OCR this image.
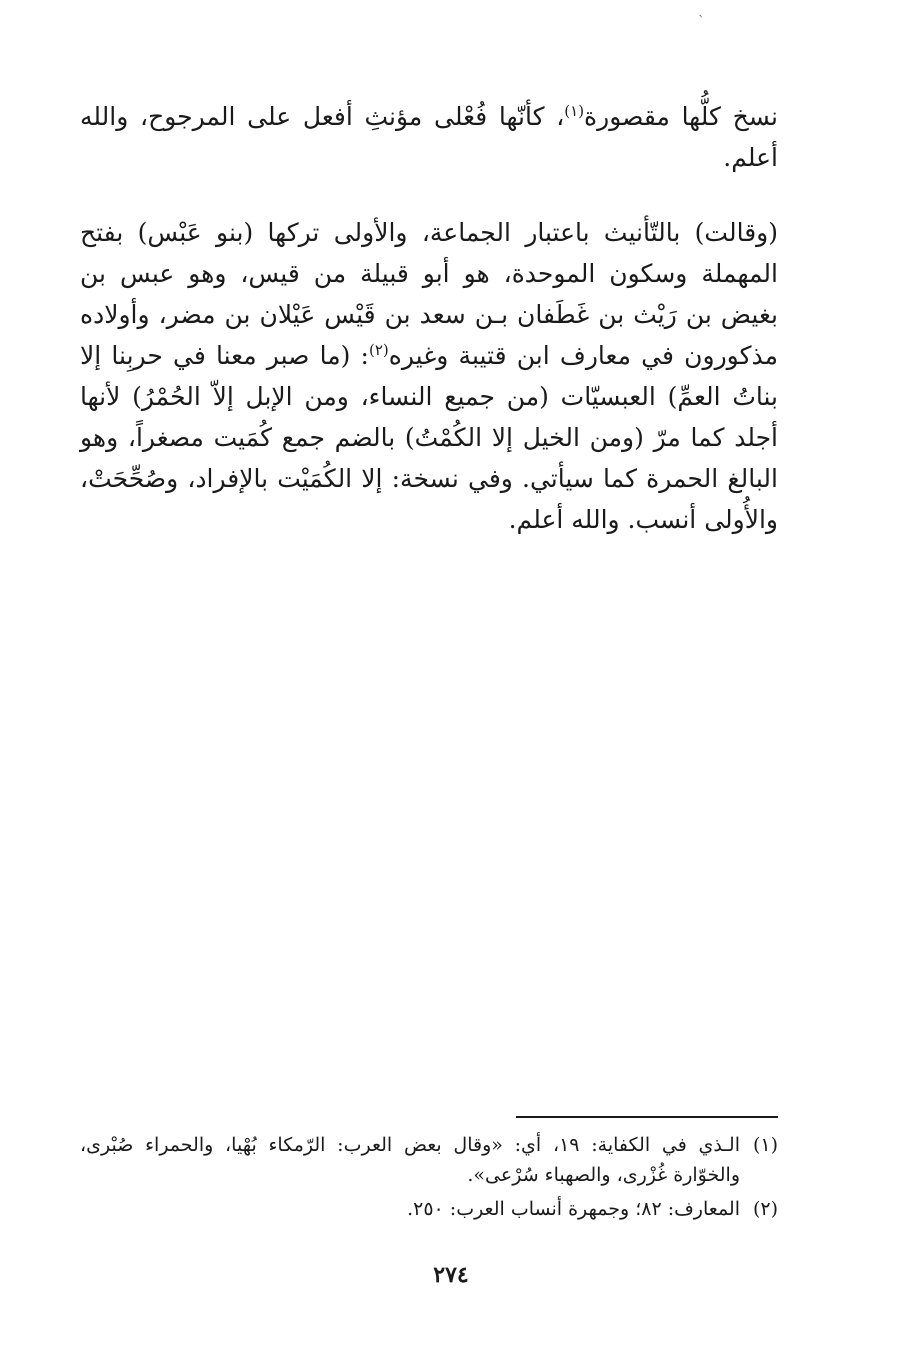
`

نسخ كلُّها مقصورة$^{(١)}$، كأنّها فُعْلى مؤنثِ أفعل على المرجوح، والله أعلم.

(وقالت) بالتّأنيث باعتبار الجماعة، والأولى تركها (بنو عَبْس) بفتح المهملة وسكون الموحدة، هو أبو قبيلة من قيس، وهو عبس بن بغيض بن رَيْث بن غَطَفان بـن سعد بن قَيْس عَيْلان بن مضر، وأولاده مذكورون في معارف ابن قتيبة وغيره$^{(٢)}$: (ما صبر معنا في حربِنا إلا بناتُ العمِّ) العبسيّات (من جميع النساء، ومن الإبل إلاّ الحُمْرُ) لأنها أجلد كما مرّ (ومن الخيل إلا الكُمْتُ) بالضم جمع كُمَيت مصغراً، وهو البالغ الحمرة كما سيأتي. وفي نسخة: إلا الكُمَيْت بالإفراد، وصُحِّحَتْ، والأُولى أنسب. والله أعلم.

(١)
الـذي في الكفاية: ١٩، أي: «وقال بعض العرب: الرّمكاء بُهْيا، والحمراء صُبْرى، والخوّارة غُزْرى، والصهباء سُرْعى».
(٢)
المعارف: ٨٢؛ وجمهرة أنساب العرب: ٢٥٠.
٢٧٤
